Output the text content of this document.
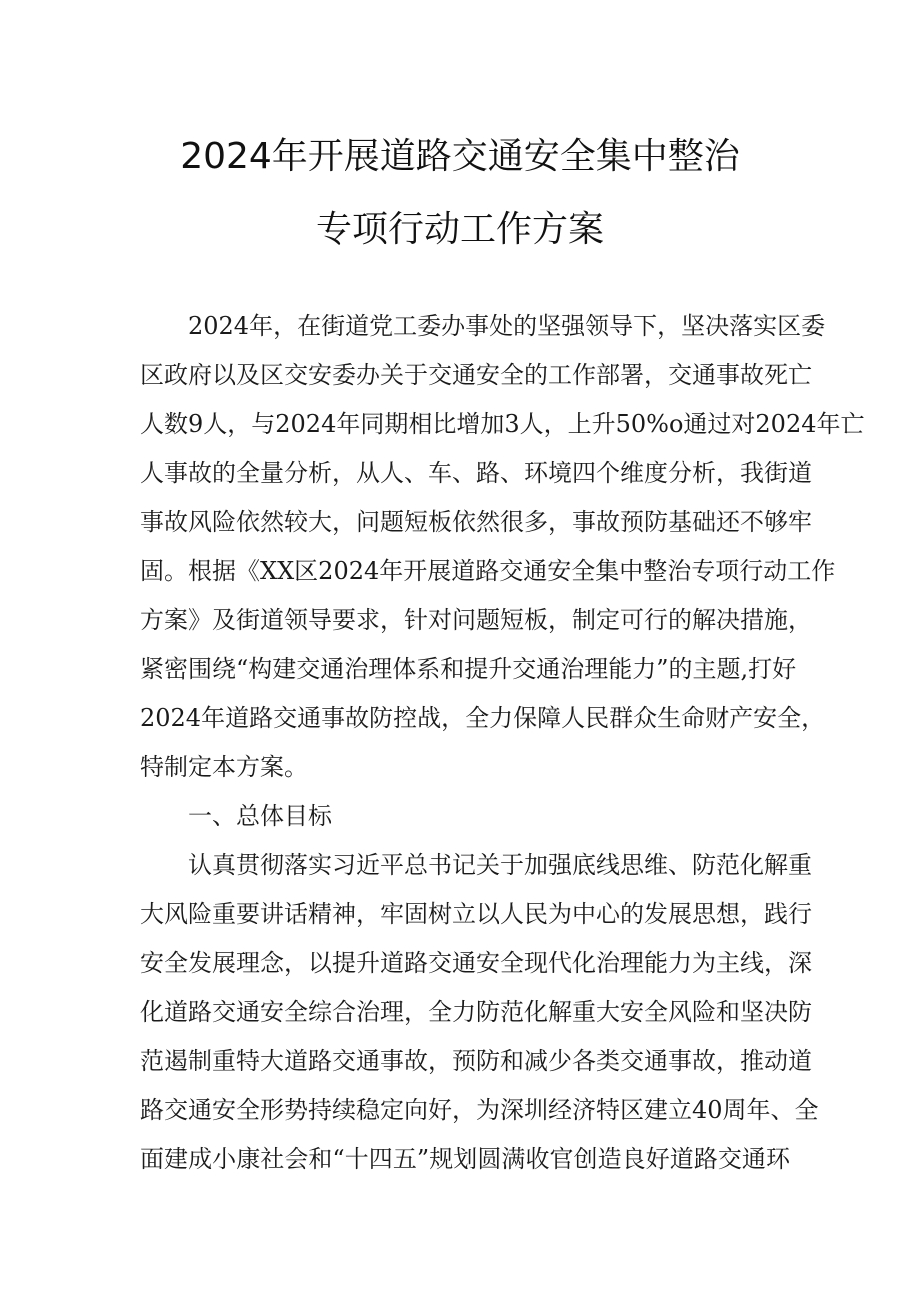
2024年开展道路交通安全集中整治
专项行动工作方案
2024年，在街道党工委办事处的坚强领导下，坚决落实区委
区政府以及区交安委办关于交通安全的工作部署，交通事故死亡
人数9人，与2024年同期相比增加3人，上升50%o通过对2024年亡
人事故的全量分析，从人、车、路、环境四个维度分析，我街道
事故风险依然较大，问题短板依然很多，事故预防基础还不够牢
固。根据《XX区2024年开展道路交通安全集中整治专项行动工作
方案》及街道领导要求，针对问题短板，制定可行的解决措施，
紧密围绕“构建交通治理体系和提升交通治理能力”的主题,打好
2024年道路交通事故防控战，全力保障人民群众生命财产安全，
特制定本方案。
一、总体目标
认真贯彻落实习近平总书记关于加强底线思维、防范化解重
大风险重要讲话精神，牢固树立以人民为中心的发展思想，践行
安全发展理念，以提升道路交通安全现代化治理能力为主线，深
化道路交通安全综合治理，全力防范化解重大安全风险和坚决防
范遏制重特大道路交通事故，预防和减少各类交通事故，推动道
路交通安全形势持续稳定向好，为深圳经济特区建立40周年、全
面建成小康社会和“十四五”规划圆满收官创造良好道路交通环
